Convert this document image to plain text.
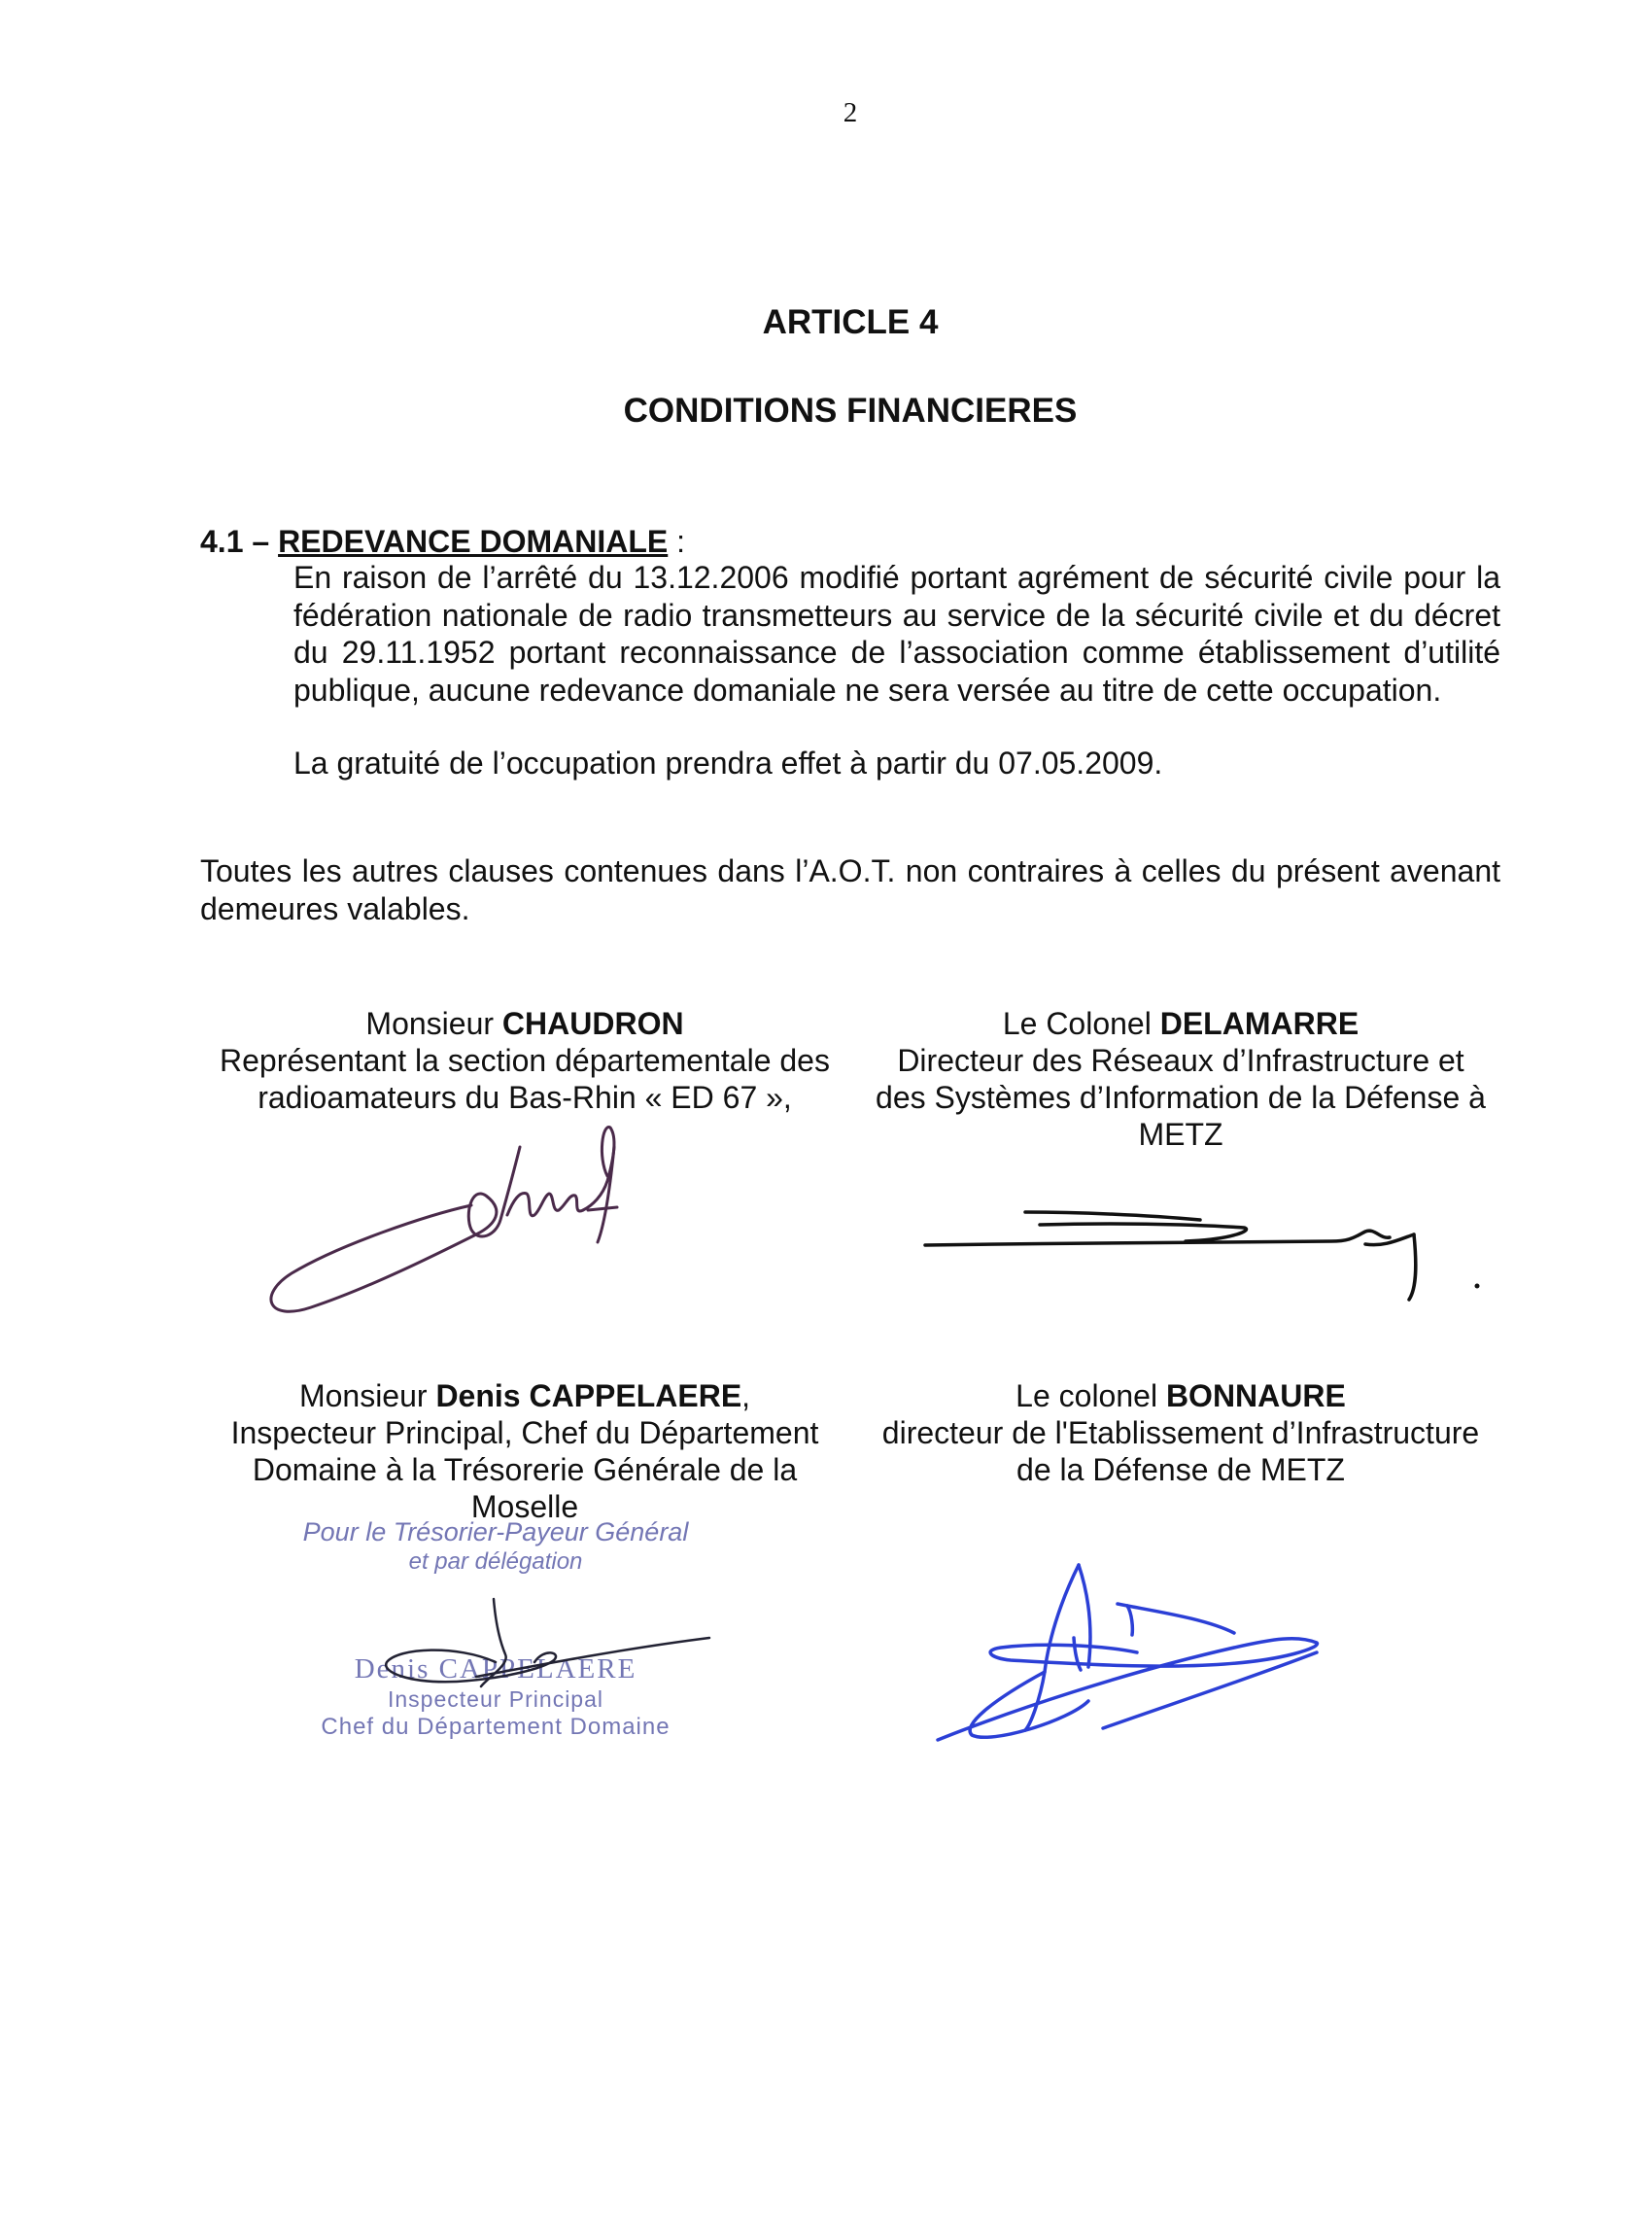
2
ARTICLE 4
CONDITIONS FINANCIERES
4.1 – REDEVANCE DOMANIALE :
En raison de l’arrêté du 13.12.2006 modifié portant agrément de sécurité civile pour la fédération nationale de radio transmetteurs au service de la sécurité civile et du décret du 29.11.1952 portant reconnaissance de l’association comme établissement d’utilité publique, aucune redevance domaniale ne sera versée au titre de cette occupation.
La gratuité de l’occupation prendra effet à partir du 07.05.2009.
Toutes les autres clauses contenues dans l’A.O.T. non contraires à celles du présent avenant demeures valables.
Monsieur CHAUDRON
Représentant la section départementale des
radioamateurs du Bas-Rhin « ED 67 »,
Le Colonel DELAMARRE
Directeur des Réseaux d’Infrastructure et
des Systèmes d’Information de la Défense à
METZ
Monsieur Denis CAPPELAERE,
Inspecteur Principal, Chef du Département
Domaine à la Trésorerie Générale de la
Moselle
Le colonel BONNAURE
directeur de l'Etablissement d’Infrastructure
de la Défense de METZ
Pour le Trésorier-Payeur Général
et par délégation
Denis CAPPELAERE
Inspecteur Principal
Chef du Département Domaine
